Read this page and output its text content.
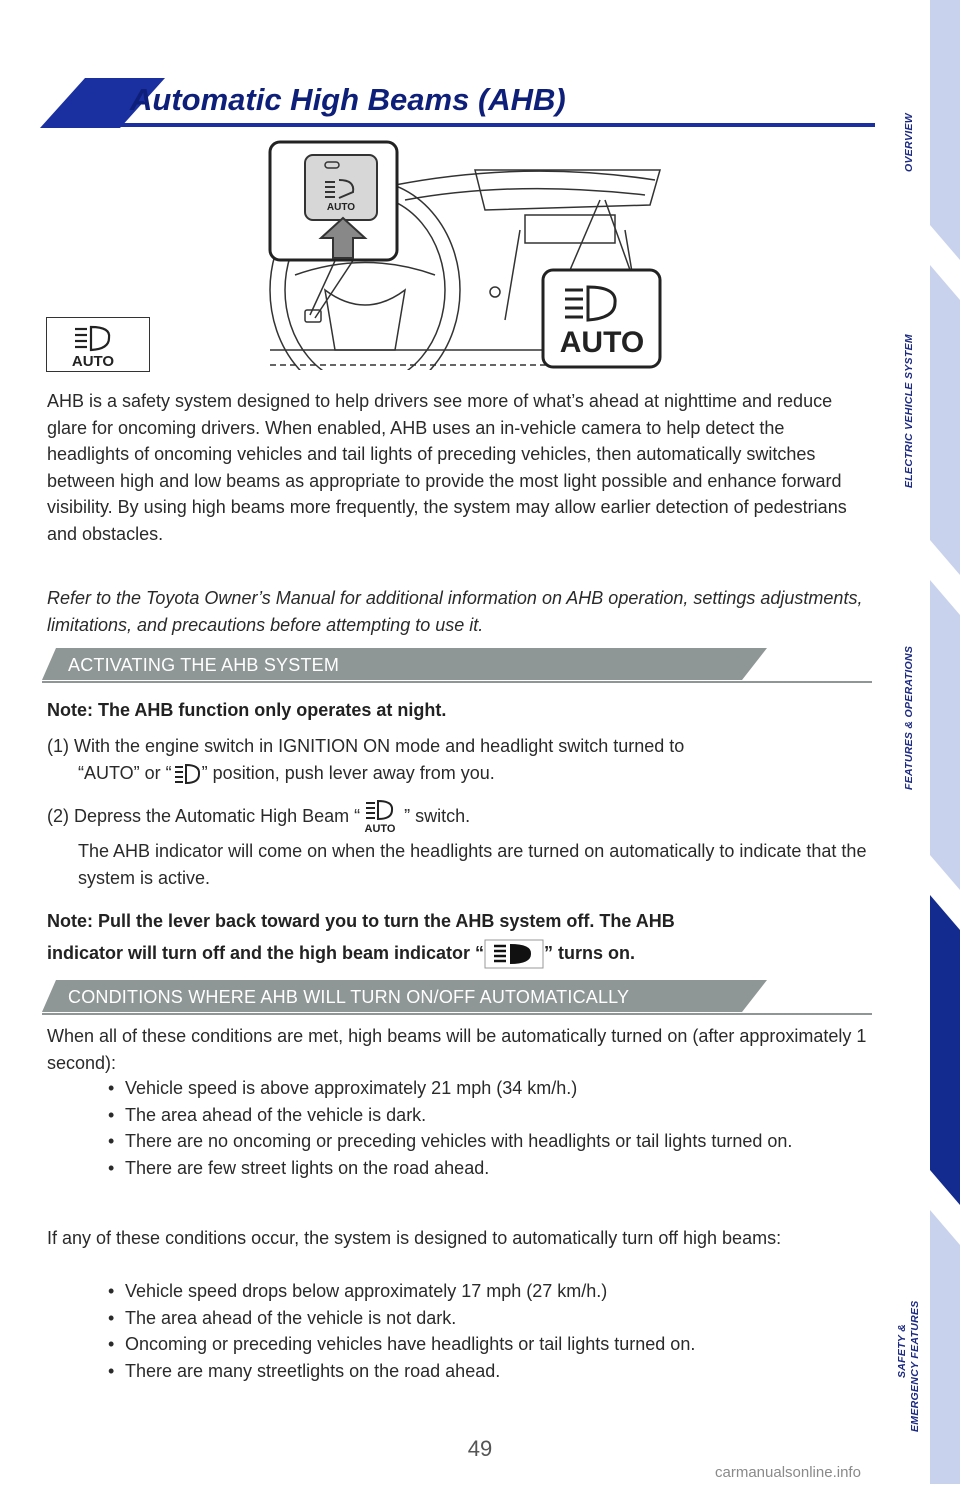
Automatic High Beams (AHB)
AUTO
AUTO
AUTO
AHB is a safety system designed to help drivers see more of what’s ahead at nighttime and reduce glare for oncoming drivers. When enabled, AHB uses an in-vehicle camera to help detect the headlights of oncoming vehicles and tail lights of preceding vehicles, then automatically switches between high and low beams as appropriate to provide the most light possible and enhance forward visibility. By using high beams more frequently, the system may allow earlier detection of pedestrians and obstacles.
Refer to the Toyota Owner’s Manual for additional information on AHB operation, settings adjustments, limitations, and precautions before attempting to use it.
ACTIVATING THE AHB SYSTEM
Note: The AHB function only operates at night.
(1) With the engine switch in IGNITION ON mode and headlight switch turned to
“AUTO” or “ ” position, push lever away from you.
(2) Depress the Automatic High Beam “
AUTO
” switch.
The AHB indicator will come on when the headlights are turned on automatically to indicate that the system is active.
Note: Pull the lever back toward you to turn the AHB system off. The AHB
indicator will turn off and the high beam indicator “	” turns on.
CONDITIONS WHERE AHB WILL TURN ON/OFF AUTOMATICALLY
When all of these conditions are met, high beams will be automatically turned on (after approximately 1 second):
• Vehicle speed is above approximately 21 mph (34 km/h.)
• The area ahead of the vehicle is dark.
• There are no oncoming or preceding vehicles with headlights or tail lights turned on.
• There are few street lights on the road ahead.
If any of these conditions occur, the system is designed to automatically turn off high beams:
• Vehicle speed drops below approximately 17 mph (27 km/h.)
• The area ahead of the vehicle is not dark.
• Oncoming or preceding vehicles have headlights or tail lights turned on.
• There are many streetlights on the road ahead.
49
carmanualsonline.info
OVERVIEW
ELECTRIC VEHICLE SYSTEM
FEATURES & OPERATIONS
TOYOTA SAFETY SENSE
SAFETY & EMERGENCY FEATURES
